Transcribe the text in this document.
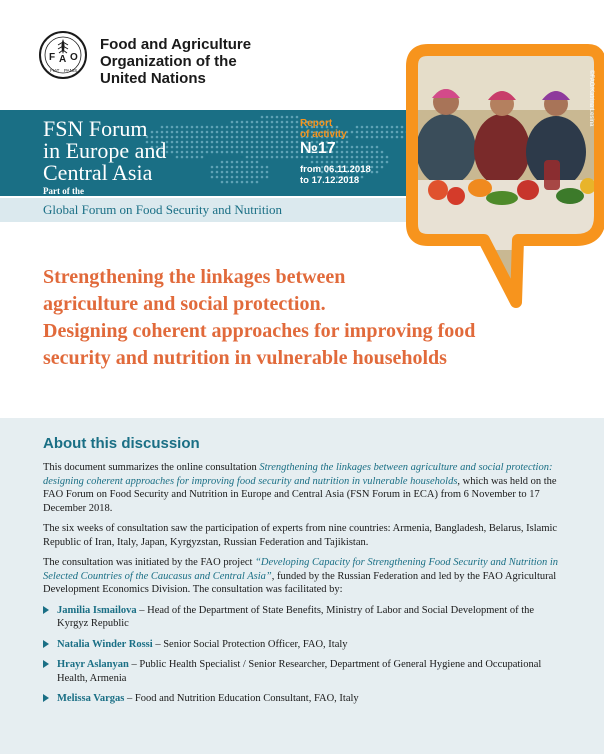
F A O
FIAT PANIS
Food and Agriculture
Organization of the
United Nations
FSN Forum
in Europe and
Central Asia
Report
of activity
№17
from 06.11.2018
to 17.12.2018
Part of the
Global Forum on Food Security and Nutrition
©FAO/Katrina Lesina
Strengthening the linkages between
agriculture and social protection.
Designing coherent approaches for improving food
security and nutrition in vulnerable households
About this discussion

This document summarizes the online consultation Strengthening the linkages between agriculture and social protection: designing coherent approaches for improving food security and nutrition in vulnerable households, which was held on the FAO Forum on Food Security and Nutrition in Europe and Central Asia (FSN Forum in ECA) from 6 November to 17 December 2018.

The six weeks of consultation saw the participation of experts from nine countries: Armenia, Bangladesh, Belarus, Islamic Republic of Iran, Italy, Japan, Kyrgyzstan, Russian Federation and Tajikistan.

The consultation was initiated by the FAO project “Developing Capacity for Strengthening Food Security and Nutrition in Selected Countries of the Caucasus and Central Asia”, funded by the Russian Federation and led by the FAO Agricultural Development Economics Division. The consultation was facilitated by:

Jamilia Ismailova – Head of the Department of State Benefits, Ministry of Labor and Social Development of the Kyrgyz Republic
Natalia Winder Rossi – Senior Social Protection Officer, FAO, Italy
Hrayr Aslanyan – Public Health Specialist / Senior Researcher, Department of General Hygiene and Occupational Health, Armenia
Melissa Vargas – Food and Nutrition Education Consultant, FAO, Italy
